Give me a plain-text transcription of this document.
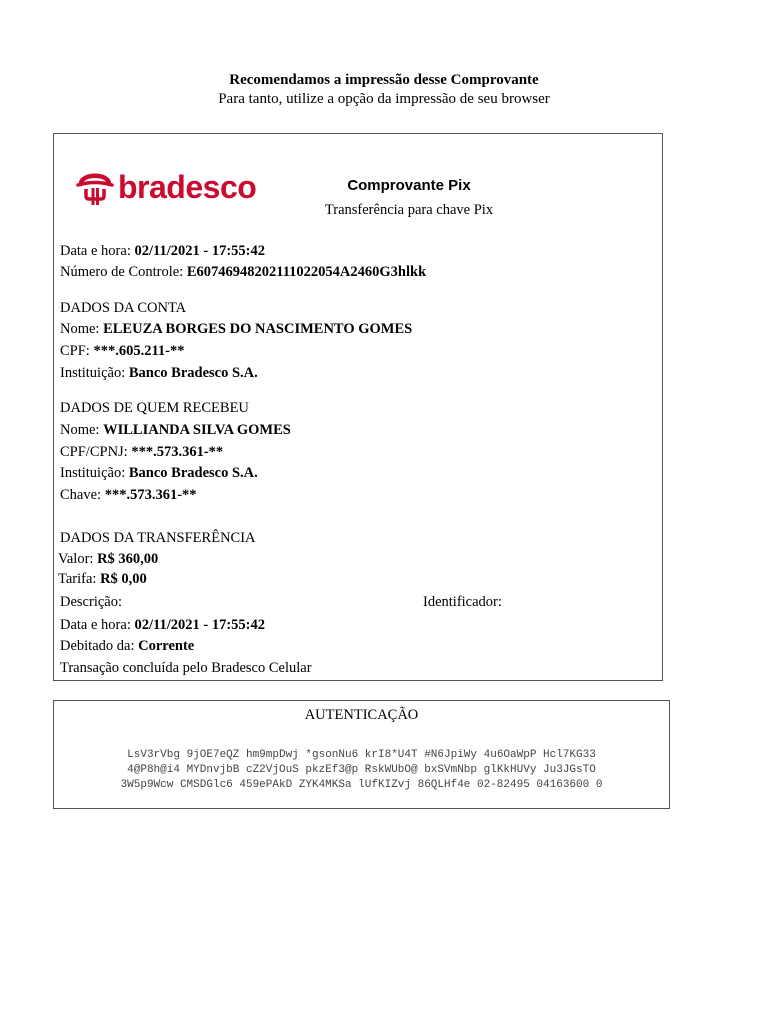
Recomendamos a impressão desse Comprovante
Para tanto, utilize a opção da impressão de seu browser
bradesco	Comprovante Pix
Transferência para chave Pix
Data e hora: 02/11/2021 - 17:55:42
Número de Controle: E60746948202111022054A2460G3hlkk
DADOS DA CONTA
Nome: ELEUZA BORGES DO NASCIMENTO GOMES
CPF: ***.605.211-**
Instituição: Banco Bradesco S.A.
DADOS DE QUEM RECEBEU
Nome: WILLIANDA SILVA GOMES
CPF/CPNJ: ***.573.361-**
Instituição: Banco Bradesco S.A.
Chave: ***.573.361-**
DADOS DA TRANSFERÊNCIA
Valor: R$ 360,00
Tarifa: R$ 0,00
Descrição:	Identificador:
Data e hora: 02/11/2021 - 17:55:42
Debitado da: Corrente
Transação concluída pelo Bradesco Celular
AUTENTICAÇÃO
LsV3rVbg 9jOE7eQZ hm9mpDwj *gsonNu6 krI8*U4T #N6JpiWy 4u6OaWpP Hcl7KG33
4@P8h@i4 MYDnvjbB cZ2VjOuS pkzEf3@p RskWUbO@ bxSVmNbp glKkHUVy Ju3JGsTO
3W5p9Wcw CMSDGlc6 459ePAkD ZYK4MKSa lUfKIZvj 86QLHf4e 02-82495 04163600 0
